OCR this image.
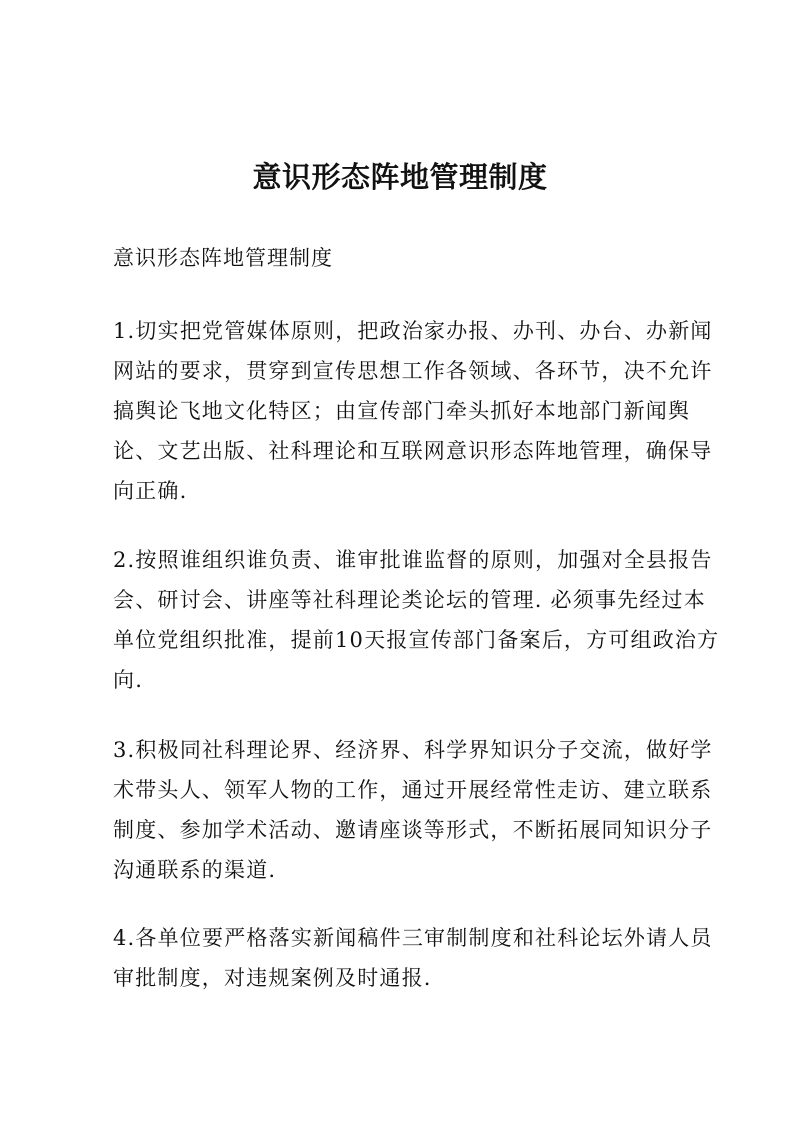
意识形态阵地管理制度
意识形态阵地管理制度
1.切实把党管媒体原则，把政治家办报、办刊、办台、办新闻
网站的要求，贯穿到宣传思想工作各领域、各环节，决不允许
搞舆论飞地文化特区；由宣传部门牵头抓好本地部门新闻舆
论、文艺出版、社科理论和互联网意识形态阵地管理，确保导
向正确.
2.按照谁组织谁负责、谁审批谁监督的原则，加强对全县报告
会、研讨会、讲座等社科理论类论坛的管理. 必须事先经过本
单位党组织批准，提前10天报宣传部门备案后，方可组政治方
向.
3.积极同社科理论界、经济界、科学界知识分子交流，做好学
术带头人、领军人物的工作，通过开展经常性走访、建立联系
制度、参加学术活动、邀请座谈等形式，不断拓展同知识分子
沟通联系的渠道.
4.各单位要严格落实新闻稿件三审制制度和社科论坛外请人员
审批制度，对违规案例及时通报.
